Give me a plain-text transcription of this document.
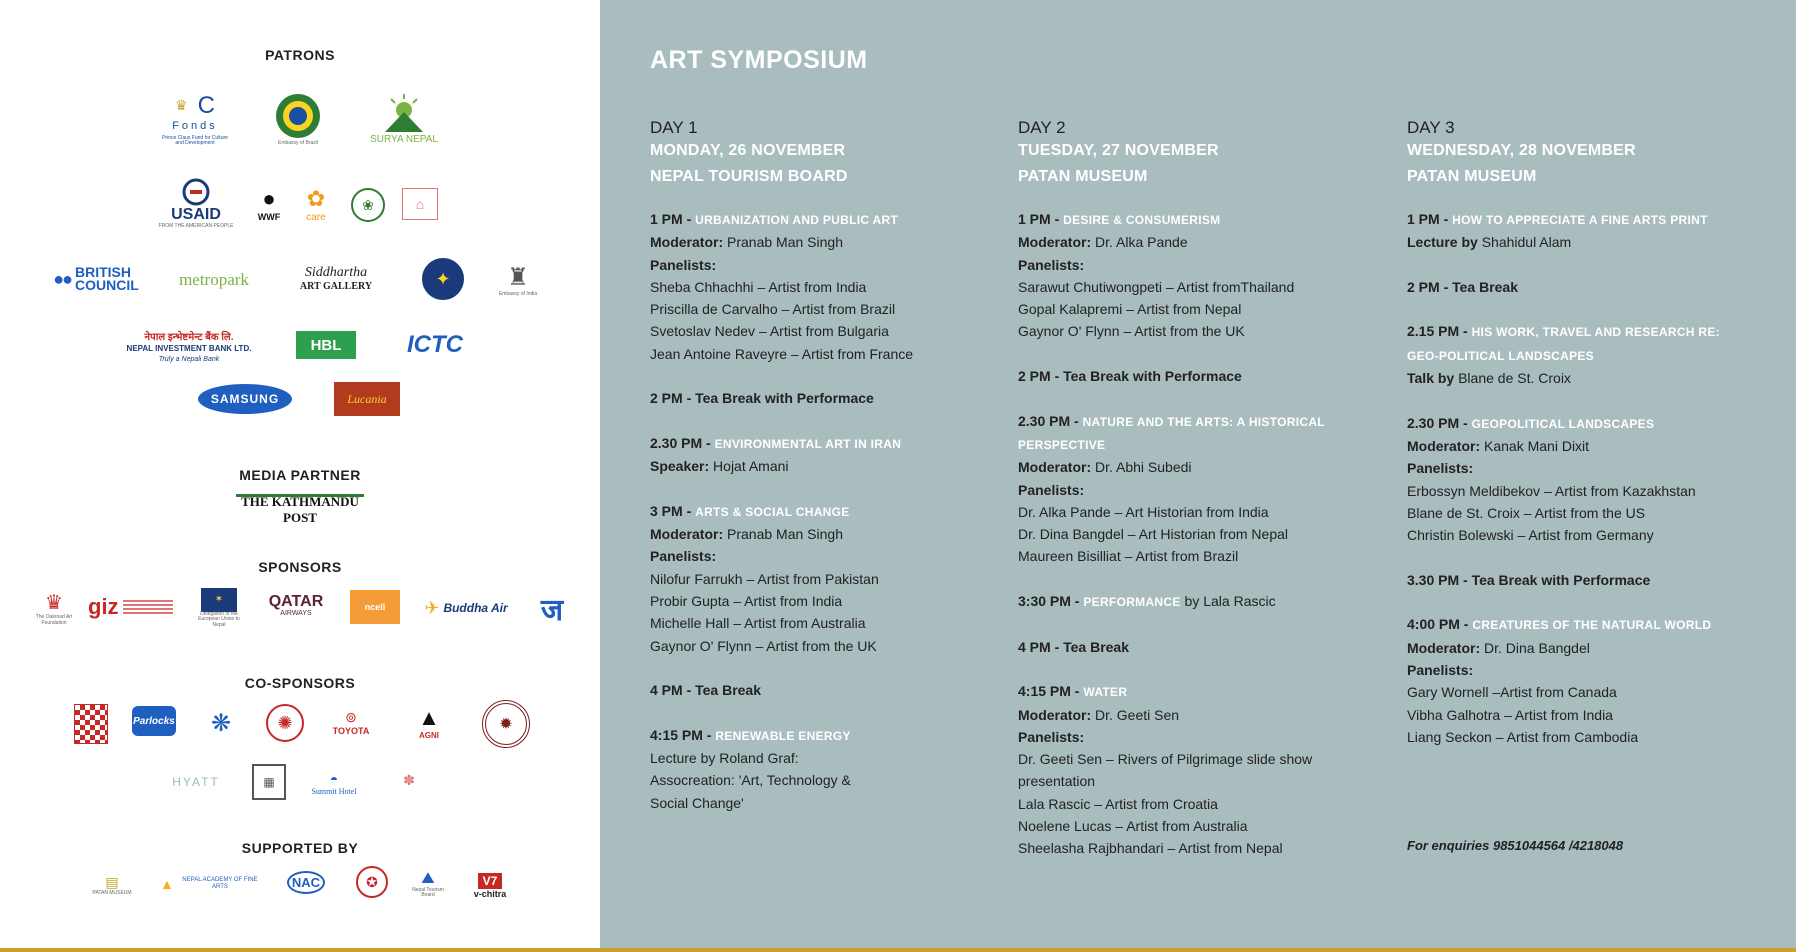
PATRONS
MEDIA PARTNER
SPONSORS
CO-SPONSORS
SUPPORTED BY
♛ C
Fonds
Prince Claus Fund for Culture and Development	Embassy of Brazil	SURYA NEPAL
USAID
FROM THE AMERICAN PEOPLE
●
WWF
✿
care
❀	⌂
●● BRITISH
COUNCIL	metropark	Siddhartha
ART GALLERY	✦ ♜
Embassy of India
नेपाल इन्भेष्टमेन्ट बैंक लि.
NEPAL INVESTMENT BANK LTD.
Truly a Nepali Bank
HBL	ICTC
SAMSUNG	Lucania
THE KATHMANDU POST
♛
The Oakroad Art Foundation
giz	✶
Delegation of the European Union to Nepal
QATAR
AIRWAYS
ncell	✈ Buddha Air ज
Parlocks ❋	✺	⊚
TOYOTA
▲
AGNI
✹
HYATT	▦	◓
Summit Hotel
✽
▤
PATAN MUSEUM
▲	NEPAL ACADEMY OF FINE ARTS	NAC	✪	⛰
Nepal Tourism Board
V7
v-chitra
ART SYMPOSIUM
DAY 1
MONDAY, 26 NOVEMBER
NEPAL TOURISM BOARD
1 PM - URBANIZATION AND PUBLIC ART
Moderator: Pranab Man Singh
Panelists:
Sheba Chhachhi – Artist from India
Priscilla de Carvalho – Artist from Brazil
Svetoslav Nedev – Artist from Bulgaria
Jean Antoine Raveyre – Artist from France
2 PM - Tea Break with Performace
2.30 PM - ENVIRONMENTAL ART IN IRAN
Speaker: Hojat Amani
3 PM - ARTS & SOCIAL CHANGE
Moderator: Pranab Man Singh
Panelists:
Nilofur Farrukh – Artist from Pakistan
Probir Gupta – Artist from India
Michelle Hall – Artist from Australia
Gaynor O' Flynn – Artist from the UK
4 PM - Tea Break
4:15 PM - RENEWABLE ENERGY
Lecture by Roland Graf:
Assocreation: 'Art, Technology &
Social Change'
DAY 2
TUESDAY, 27 NOVEMBER
PATAN MUSEUM
1 PM - DESIRE & CONSUMERISM
Moderator: Dr. Alka Pande
Panelists:
Sarawut Chutiwongpeti – Artist fromThailand
Gopal Kalapremi – Artist from Nepal
Gaynor O' Flynn – Artist from the UK
2 PM - Tea Break with Performace
2.30 PM - NATURE AND THE ARTS: A HISTORICAL
PERSPECTIVE
Moderator: Dr. Abhi Subedi
Panelists:
Dr. Alka Pande – Art Historian from India
Dr. Dina Bangdel – Art Historian from Nepal
Maureen Bisilliat – Artist from Brazil
3:30 PM - PERFORMANCE by Lala Rascic
4 PM - Tea Break
4:15 PM - WATER
Moderator: Dr. Geeti Sen
Panelists:
Dr. Geeti Sen – Rivers of Pilgrimage slide show
presentation
Lala Rascic – Artist from Croatia
Noelene Lucas – Artist from Australia
Sheelasha Rajbhandari – Artist from Nepal
DAY 3
WEDNESDAY, 28 NOVEMBER
PATAN MUSEUM
1 PM - HOW TO APPRECIATE A FINE ARTS PRINT
Lecture by Shahidul Alam
2 PM - Tea Break
2.15 PM - HIS WORK, TRAVEL AND RESEARCH RE:
GEO-POLITICAL LANDSCAPES
Talk by Blane de St. Croix
2.30 PM - GEOPOLITICAL LANDSCAPES
Moderator: Kanak Mani Dixit
Panelists:
Erbossyn Meldibekov – Artist from Kazakhstan
Blane de St. Croix – Artist from the US
Christin Bolewski – Artist from Germany
3.30 PM - Tea Break with Performace
4:00 PM - CREATURES OF THE NATURAL WORLD
Moderator: Dr. Dina Bangdel
Panelists:
Gary Wornell –Artist from Canada
Vibha Galhotra – Artist from India
Liang Seckon – Artist from Cambodia
For enquiries 9851044564 /4218048
